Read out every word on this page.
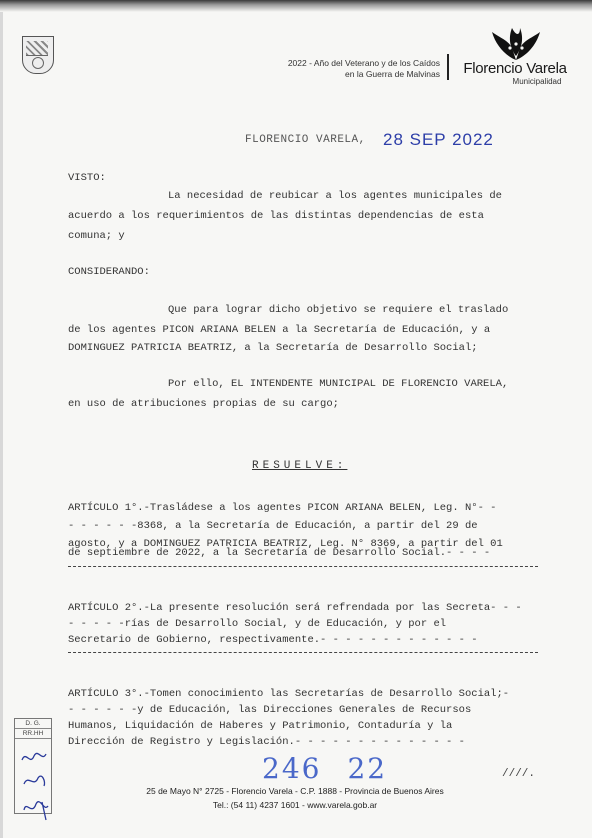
2022 - Año del Veterano y de los Caídos
en la Guerra de Malvinas	Florencio Varela
Municipalidad
FLORENCIO VARELA, 28 SEP 2022
VISTO:
La necesidad de reubicar a los agentes municipales de
acuerdo a los requerimientos de las distintas dependencias de esta
comuna; y
CONSIDERANDO:
Que para lograr dicho objetivo se requiere el traslado
de los agentes PICON ARIANA BELEN a la Secretaría de Educación, y a
DOMINGUEZ PATRICIA BEATRIZ, a la Secretaría de Desarrollo Social;
Por ello, EL INTENDENTE MUNICIPAL DE FLORENCIO VARELA,
en uso de atribuciones propias de su cargo;
RESUELVE:
ARTÍCULO 1°.-Trasládese a los agentes PICON ARIANA BELEN, Leg. N°- -
- - - - - -8368, a la Secretaría de Educación, a partir del 29 de
agosto, y a DOMINGUEZ PATRICIA BEATRIZ, Leg. N° 8369, a partir del 01
de septiembre de 2022, a la Secretaría de Desarrollo Social.- - - -
ARTÍCULO 2°.-La presente resolución será refrendada por las Secreta- - -
- - - - -rías de Desarrollo Social, y de Educación, y por el
Secretario de Gobierno, respectivamente.- - - - - - - - - - - - -
ARTÍCULO 3°.-Tomen conocimiento las Secretarías de Desarrollo Social;-
- - - - - -y de Educación, las Direcciones Generales de Recursos
Humanos, Liquidación de Haberes y Patrimonio, Contaduría y la
Dirección de Registro y Legislación.- - - - - - - - - - - - - -
246 22	////.
25 de Mayo N° 2725 - Florencio Varela - C.P. 1888 - Provincia de Buenos Aires
Tel.: (54 11) 4237 1601 - www.varela.gob.ar
D. G.
RR.HH
